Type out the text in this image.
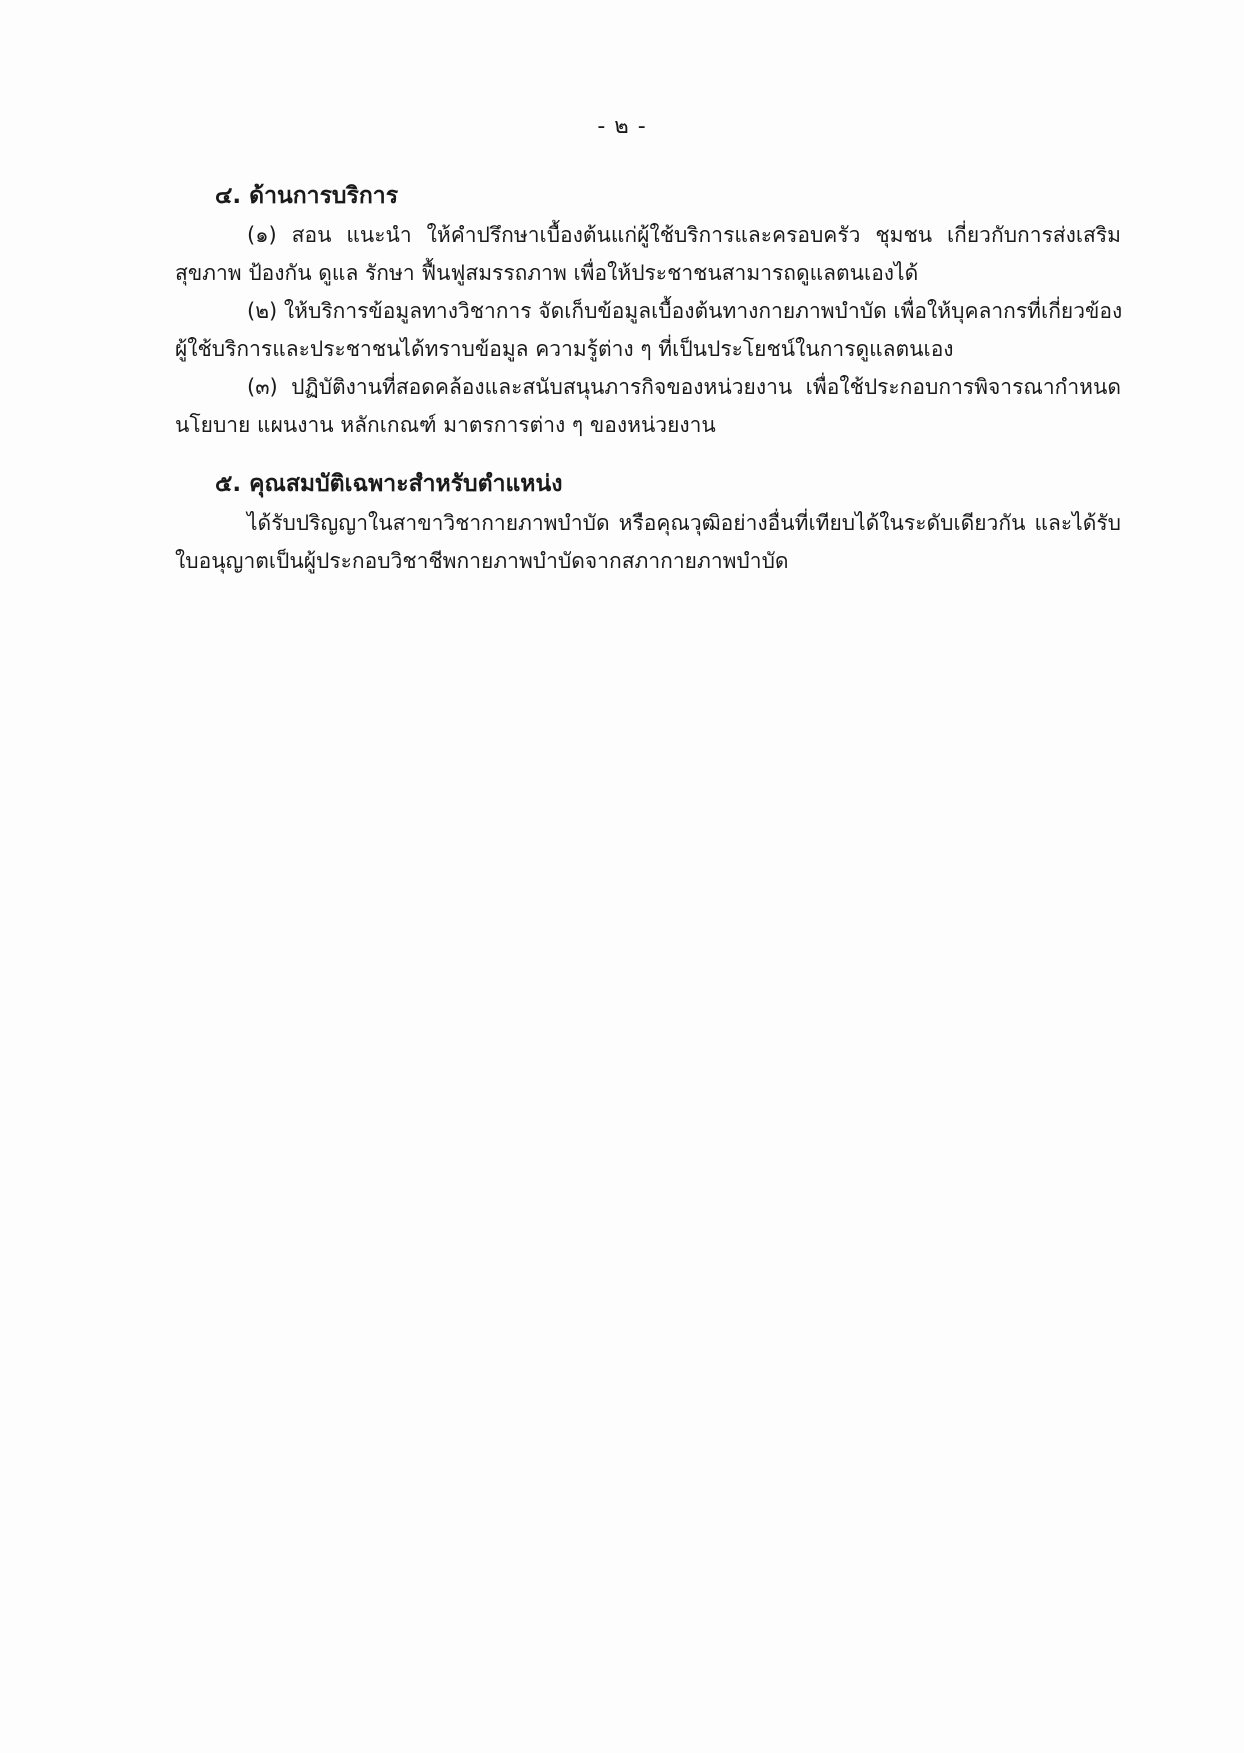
- ๒ -
๔. ด้านการบริการ

(๑) สอน แนะนำ ให้คำปรึกษาเบื้องต้นแก่ผู้ใช้บริการและครอบครัว ชุมชน เกี่ยวกับการส่งเสริม
สุขภาพ ป้องกัน ดูแล รักษา ฟื้นฟูสมรรถภาพ เพื่อให้ประชาชนสามารถดูแลตนเองได้

(๒) ให้บริการข้อมูลทางวิชาการ จัดเก็บข้อมูลเบื้องต้นทางกายภาพบำบัด เพื่อให้บุคลากรที่เกี่ยวข้อง
ผู้ใช้บริการและประชาชนได้ทราบข้อมูล ความรู้ต่าง ๆ ที่เป็นประโยชน์ในการดูแลตนเอง

(๓) ปฏิบัติงานที่สอดคล้องและสนับสนุนภารกิจของหน่วยงาน เพื่อใช้ประกอบการพิจารณากำหนด
นโยบาย แผนงาน หลักเกณฑ์ มาตรการต่าง ๆ ของหน่วยงาน

๕. คุณสมบัติเฉพาะสำหรับตำแหน่ง

ได้รับปริญญาในสาขาวิชากายภาพบำบัด หรือคุณวุฒิอย่างอื่นที่เทียบได้ในระดับเดียวกัน และได้รับ
ใบอนุญาตเป็นผู้ประกอบวิชาชีพกายภาพบำบัดจากสภากายภาพบำบัด
